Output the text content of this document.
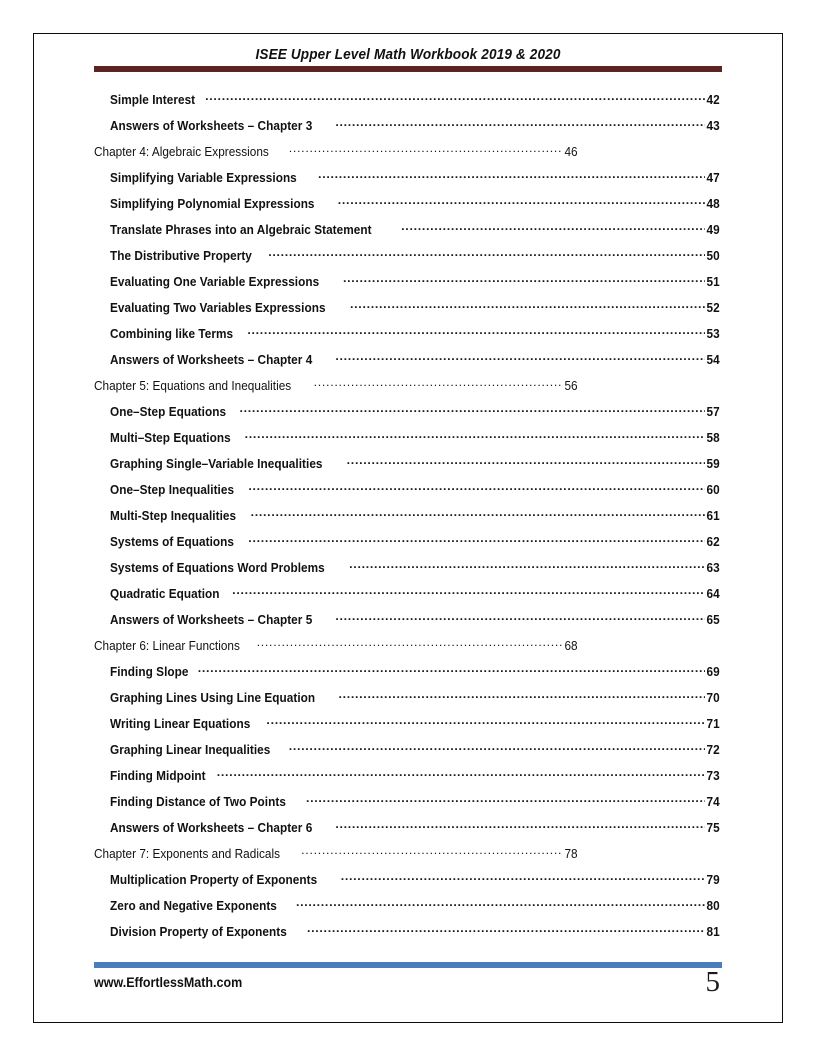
ISEE Upper Level Math Workbook 2019 & 2020
Simple Interest .....	42
Answers of Worksheets – Chapter 3 .....	43
Chapter 4: Algebraic Expressions .....	46
Simplifying Variable Expressions .....	47
Simplifying Polynomial Expressions .....	48
Translate Phrases into an Algebraic Statement .....	49
The Distributive Property .....	50
Evaluating One Variable Expressions .....	51
Evaluating Two Variables Expressions .....	52
Combining like Terms .....	53
Answers of Worksheets – Chapter 4 .....	54
Chapter 5: Equations and Inequalities .....	56
One–Step Equations .....	57
Multi–Step Equations .....	58
Graphing Single–Variable Inequalities .....	59
One–Step Inequalities .....	60
Multi-Step Inequalities .....	61
Systems of Equations .....	62
Systems of Equations Word Problems .....	63
Quadratic Equation .....	64
Answers of Worksheets – Chapter 5 .....	65
Chapter 6: Linear Functions .....	68
Finding Slope .....	69
Graphing Lines Using Line Equation .....	70
Writing Linear Equations .....	71
Graphing Linear Inequalities .....	72
Finding Midpoint .....	73
Finding Distance of Two Points .....	74
Answers of Worksheets – Chapter 6 .....	75
Chapter 7: Exponents and Radicals .....	78
Multiplication Property of Exponents .....	79
Zero and Negative Exponents .....	80
Division Property of Exponents .....	81
www.EffortlessMath.com	5
